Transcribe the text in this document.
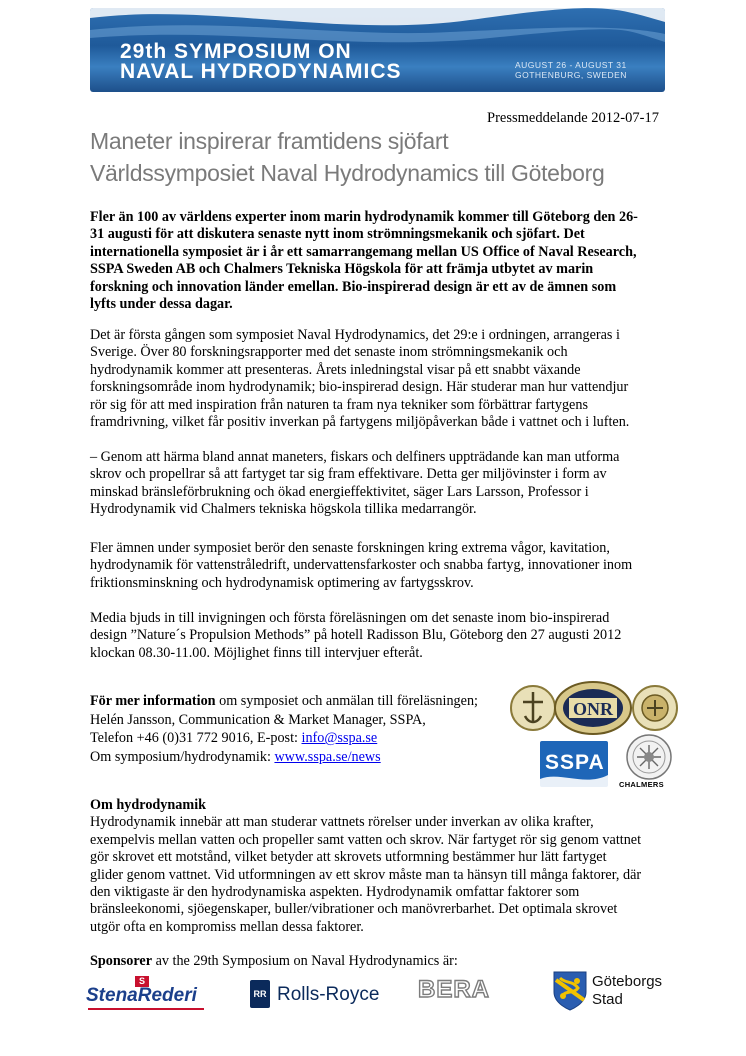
29th SYMPOSIUM ON
NAVAL HYDRODYNAMICS	AUGUST 26 - AUGUST 31
GOTHENBURG, SWEDEN
Pressmeddelande 2012-07-17
Maneter inspirerar framtidens sjöfart
Världssymposiet Naval Hydrodynamics till Göteborg
Fler än 100 av världens experter inom marin hydrodynamik kommer till Göteborg den 26-
31 augusti för att diskutera senaste nytt inom strömningsmekanik och sjöfart. Det
internationella symposiet är i år ett samarrangemang mellan US Office of Naval Research,
SSPA Sweden AB och Chalmers Tekniska Högskola för att främja utbytet av marin
forskning och innovation länder emellan. Bio-inspirerad design är ett av de ämnen som
lyfts under dessa dagar.
Det är första gången som symposiet Naval Hydrodynamics, det 29:e i ordningen, arrangeras i
Sverige. Över 80 forskningsrapporter med det senaste inom strömningsmekanik och
hydrodynamik kommer att presenteras. Årets inledningstal visar på ett snabbt växande
forskningsområde inom hydrodynamik; bio-inspirerad design. Här studerar man hur vattendjur
rör sig för att med inspiration från naturen ta fram nya tekniker som förbättrar fartygens
framdrivning, vilket får positiv inverkan på fartygens miljöpåverkan både i vattnet och i luften.
– Genom att härma bland annat maneters, fiskars och delfiners uppträdande kan man utforma
skrov och propellrar så att fartyget tar sig fram effektivare. Detta ger miljövinster i form av
minskad bränsleförbrukning och ökad energieffektivitet, säger Lars Larsson, Professor i
Hydrodynamik vid Chalmers tekniska högskola tillika medarrangör.
Fler ämnen under symposiet berör den senaste forskningen kring extrema vågor, kavitation,
hydrodynamik för vattenstråledrift, undervattensfarkoster och snabba fartyg, innovationer inom
friktionsminskning och hydrodynamisk optimering av fartygsskrov.
Media bjuds in till invigningen och första föreläsningen om det senaste inom bio-inspirerad
design ”Nature´s Propulsion Methods” på hotell Radisson Blu, Göteborg den 27 augusti 2012
klockan 08.30-11.00. Möjlighet finns till intervjuer efteråt.
För mer information om symposiet och anmälan till föreläsningen;
Helén Jansson, Communication & Market Manager, SSPA,
Telefon +46 (0)31 772 9016, E-post: info@sspa.se
Om symposium/hydrodynamik: www.sspa.se/news
ONR
SSPA
CHALMERS
Om hydrodynamik
Hydrodynamik innebär att man studerar vattnets rörelser under inverkan av olika krafter,
exempelvis mellan vatten och propeller samt vatten och skrov. När fartyget rör sig genom vattnet
gör skrovet ett motstånd, vilket betyder att skrovets utformning bestämmer hur lätt fartyget
glider genom vattnet. Vid utformningen av ett skrov måste man ta hänsyn till många faktorer, där
den viktigaste är den hydrodynamiska aspekten. Hydrodynamik omfattar faktorer som
bränsleekonomi, sjöegenskaper, buller/vibrationer och manövrerbarhet. Det optimala skrovet
utgör ofta en kompromiss mellan dessa faktorer.
Sponsorer av the 29th Symposium on Naval Hydrodynamics är:
S
StenaRederi	RR Rolls-Royce BERA	Göteborgs
Stad
